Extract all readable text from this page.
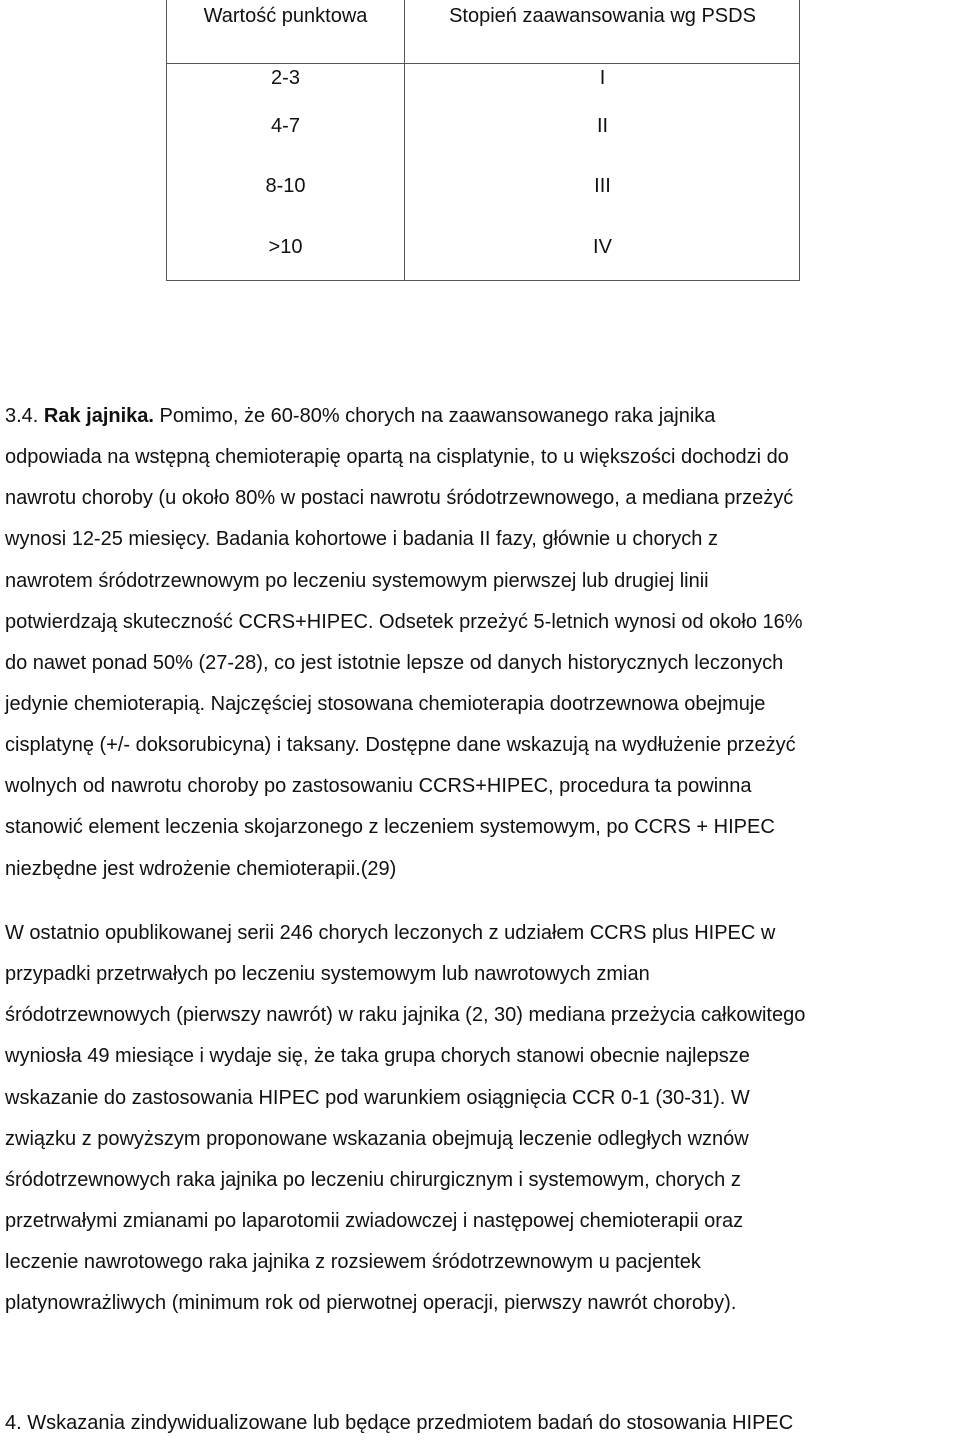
Wartość punktowa	Stopień zaawansowania wg PSDS
2-3	I
4-7	II
8-10	III
>10	IV
3.4. Rak jajnika. Pomimo, że 60-80% chorych na zaawansowanego raka jajnika
odpowiada na wstępną chemioterapię opartą na cisplatynie, to u większości dochodzi do
nawrotu choroby (u około 80% w postaci nawrotu śródotrzewnowego, a mediana przeżyć
wynosi 12-25 miesięcy. Badania kohortowe i badania II fazy, głównie u chorych z
nawrotem śródotrzewnowym po leczeniu systemowym pierwszej lub drugiej linii
potwierdzają skuteczność CCRS+HIPEC. Odsetek przeżyć 5-letnich wynosi od około 16%
do nawet ponad 50% (27-28), co jest istotnie lepsze od danych historycznych leczonych
jedynie chemioterapią. Najczęściej stosowana chemioterapia dootrzewnowa obejmuje
cisplatynę (+/- doksorubicyna) i taksany. Dostępne dane wskazują na wydłużenie przeżyć
wolnych od nawrotu choroby po zastosowaniu CCRS+HIPEC, procedura ta powinna
stanowić element leczenia skojarzonego z leczeniem systemowym, po CCRS + HIPEC
niezbędne jest wdrożenie chemioterapii.(29)
W ostatnio opublikowanej serii 246 chorych leczonych z udziałem CCRS plus HIPEC w
przypadki przetrwałych po leczeniu systemowym lub nawrotowych zmian
śródotrzewnowych (pierwszy nawrót) w raku jajnika (2, 30) mediana przeżycia całkowitego
wyniosła 49 miesiące i wydaje się, że taka grupa chorych stanowi obecnie najlepsze
wskazanie do zastosowania HIPEC pod warunkiem osiągnięcia CCR 0-1 (30-31). W
związku z powyższym proponowane wskazania obejmują leczenie odległych wznów
śródotrzewnowych raka jajnika po leczeniu chirurgicznym i systemowym, chorych z
przetrwałymi zmianami po laparotomii zwiadowczej i następowej chemioterapii oraz
leczenie nawrotowego raka jajnika z rozsiewem śródotrzewnowym u pacjentek
platynowrażliwych (minimum rok od pierwotnej operacji, pierwszy nawrót choroby).
4. Wskazania zindywidualizowane lub będące przedmiotem badań do stosowania HIPEC
